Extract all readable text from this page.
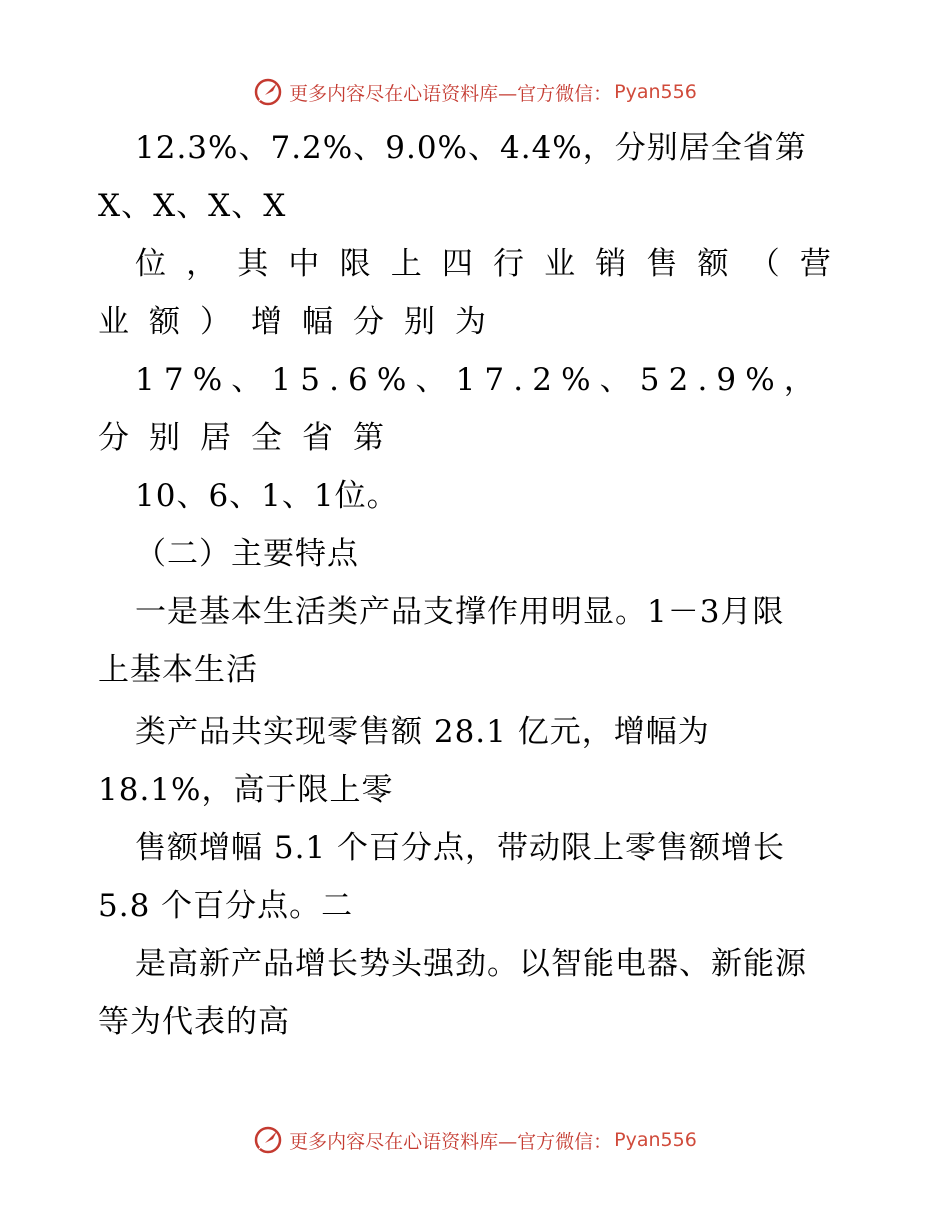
更多内容尽在心语资料库—官方微信： Pyan556
12.3%、7.2%、9.0%、4.4%，分别居全省第
X、X、X、X
位 ， 其 中 限 上 四 行 业 销 售 额 （ 营
业 额 ） 增 幅 分 别 为
1 7 % 、 1 5 . 6 % 、 1 7 . 2 % 、 5 2 . 9 % ，
分 别 居 全 省 第
10、6、1、1位。
（二）主要特点
一是基本生活类产品支撑作用明显。1－3月限
上基本生活
类产品共实现零售额 28.1 亿元，增幅为
18.1%，高于限上零
售额增幅 5.1 个百分点，带动限上零售额增长
5.8 个百分点。二
是高新产品增长势头强劲。以智能电器、新能源
等为代表的高
更多内容尽在心语资料库—官方微信： Pyan556
